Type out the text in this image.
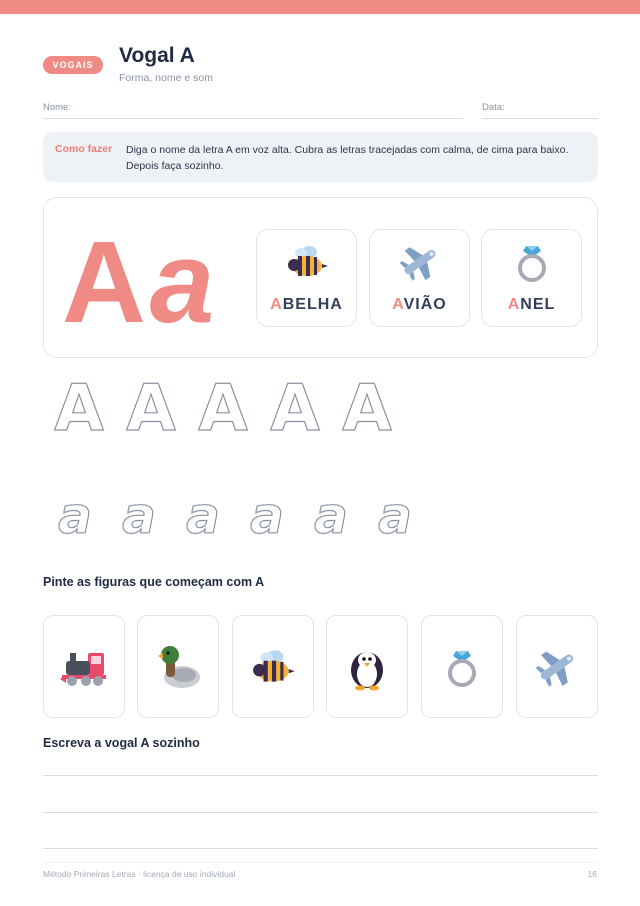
VOGAIS	Vogal A
Forma, nome e som
Nome:	Data:
Como fazer Diga o nome da letra A em voz alta. Cubra as letras tracejadas com calma, de cima para baixo. Depois faça sozinho.
A a	ABELHA	AVIÃO	ANEL
A A A A A
a a a a a a
Pinte as figuras que começam com A
Escreva a vogal A sozinho
Método Primeiras Letras · licença de uso individual	16
